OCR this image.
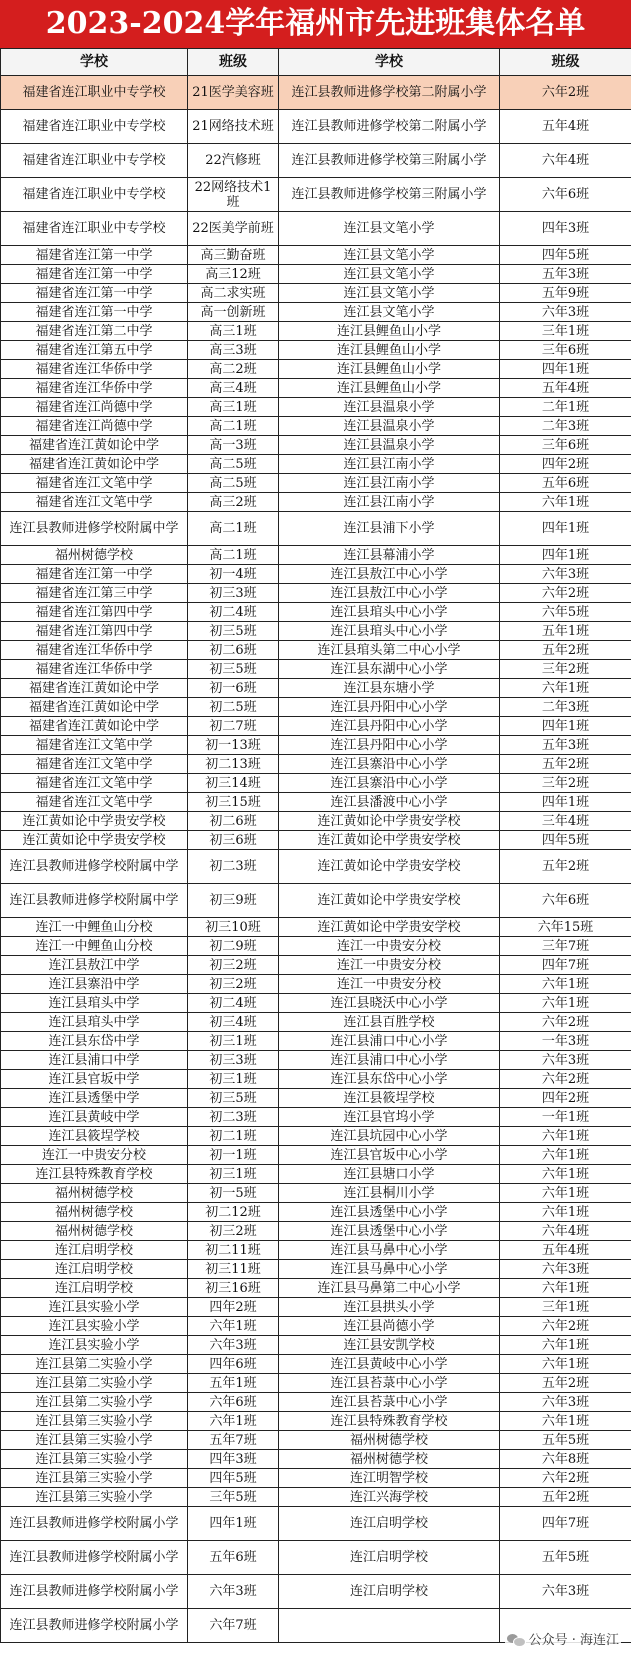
2023-2024学年福州市先进班集体名单
学校	班级	学校	班级
福建省连江职业中专学校	21医学美容班	连江县教师进修学校第二附属小学	六年2班
福建省连江职业中专学校	21网络技术班	连江县教师进修学校第二附属小学	五年4班
福建省连江职业中专学校	22汽修班	连江县教师进修学校第三附属小学	六年4班
福建省连江职业中专学校	22网络技术1班	连江县教师进修学校第三附属小学	六年6班
福建省连江职业中专学校	22医美学前班	连江县文笔小学	四年3班
福建省连江第一中学	高三勤奋班	连江县文笔小学	四年5班
福建省连江第一中学	高三12班	连江县文笔小学	五年3班
福建省连江第一中学	高二求实班	连江县文笔小学	五年9班
福建省连江第一中学	高一创新班	连江县文笔小学	六年3班
福建省连江第二中学	高三1班	连江县鲤鱼山小学	三年1班
福建省连江第五中学	高三3班	连江县鲤鱼山小学	三年6班
福建省连江华侨中学	高二2班	连江县鲤鱼山小学	四年1班
福建省连江华侨中学	高三4班	连江县鲤鱼山小学	五年4班
福建省连江尚德中学	高三1班	连江县温泉小学	二年1班
福建省连江尚德中学	高二1班	连江县温泉小学	二年3班
福建省连江黄如论中学	高一3班	连江县温泉小学	三年6班
福建省连江黄如论中学	高二5班	连江县江南小学	四年2班
福建省连江文笔中学	高二5班	连江县江南小学	五年6班
福建省连江文笔中学	高三2班	连江县江南小学	六年1班
连江县教师进修学校附属中学	高二1班	连江县浦下小学	四年1班
福州树德学校	高二1班	连江县幕浦小学	四年1班
福建省连江第一中学	初一4班	连江县敖江中心小学	六年3班
福建省连江第三中学	初三3班	连江县敖江中心小学	六年2班
福建省连江第四中学	初二4班	连江县琯头中心小学	六年5班
福建省连江第四中学	初三5班	连江县琯头中心小学	五年1班
福建省连江华侨中学	初二6班	连江县琯头第二中心小学	五年2班
福建省连江华侨中学	初三5班	连江县东湖中心小学	三年2班
福建省连江黄如论中学	初一6班	连江县东塘小学	六年1班
福建省连江黄如论中学	初二5班	连江县丹阳中心小学	二年3班
福建省连江黄如论中学	初二7班	连江县丹阳中心小学	四年1班
福建省连江文笔中学	初一13班	连江县丹阳中心小学	五年3班
福建省连江文笔中学	初二13班	连江县寨沿中心小学	五年2班
福建省连江文笔中学	初三14班	连江县寨沿中心小学	三年2班
福建省连江文笔中学	初三15班	连江县潘渡中心小学	四年1班
连江黄如论中学贵安学校	初二6班	连江黄如论中学贵安学校	三年4班
连江黄如论中学贵安学校	初三6班	连江黄如论中学贵安学校	四年5班
连江县教师进修学校附属中学	初二3班	连江黄如论中学贵安学校	五年2班
连江县教师进修学校附属中学	初三9班	连江黄如论中学贵安学校	六年6班
连江一中鲤鱼山分校	初三10班	连江黄如论中学贵安学校	六年15班
连江一中鲤鱼山分校	初二9班	连江一中贵安分校	三年7班
连江县敖江中学	初三2班	连江一中贵安分校	四年7班
连江县寨沿中学	初三2班	连江一中贵安分校	六年1班
连江县琯头中学	初二4班	连江县晓沃中心小学	六年1班
连江县琯头中学	初三4班	连江县百胜学校	六年2班
连江县东岱中学	初三1班	连江县浦口中心小学	一年3班
连江县浦口中学	初三3班	连江县浦口中心小学	六年3班
连江县官坂中学	初三1班	连江县东岱中心小学	六年2班
连江县透堡中学	初三5班	连江县筱埕学校	四年2班
连江县黄岐中学	初二3班	连江县官坞小学	一年1班
连江县筱埕学校	初二1班	连江县坑园中心小学	六年1班
连江一中贵安分校	初一1班	连江县官坂中心小学	六年1班
连江县特殊教育学校	初三1班	连江县塘口小学	六年1班
福州树德学校	初一5班	连江县桐川小学	六年1班
福州树德学校	初二12班	连江县透堡中心小学	六年1班
福州树德学校	初三2班	连江县透堡中心小学	六年4班
连江启明学校	初二11班	连江县马鼻中心小学	五年4班
连江启明学校	初三11班	连江县马鼻中心小学	六年3班
连江启明学校	初三16班	连江县马鼻第二中心小学	六年1班
连江县实验小学	四年2班	连江县拱头小学	三年1班
连江县实验小学	六年1班	连江县尚德小学	六年2班
连江县实验小学	六年3班	连江县安凯学校	六年1班
连江县第二实验小学	四年6班	连江县黄岐中心小学	六年1班
连江县第二实验小学	五年1班	连江县苔菉中心小学	五年2班
连江县第二实验小学	六年6班	连江县苔菉中心小学	六年3班
连江县第三实验小学	六年1班	连江县特殊教育学校	六年1班
连江县第三实验小学	五年7班	福州树德学校	五年5班
连江县第三实验小学	四年3班	福州树德学校	六年8班
连江县第三实验小学	四年5班	连江明智学校	六年2班
连江县第三实验小学	三年5班	连江兴海学校	五年2班
连江县教师进修学校附属小学	四年1班	连江启明学校	四年7班
连江县教师进修学校附属小学	五年6班	连江启明学校	五年5班
连江县教师进修学校附属小学	六年3班	连江启明学校	六年3班
连江县教师进修学校附属小学	六年7班		
公众号 · 海连江
